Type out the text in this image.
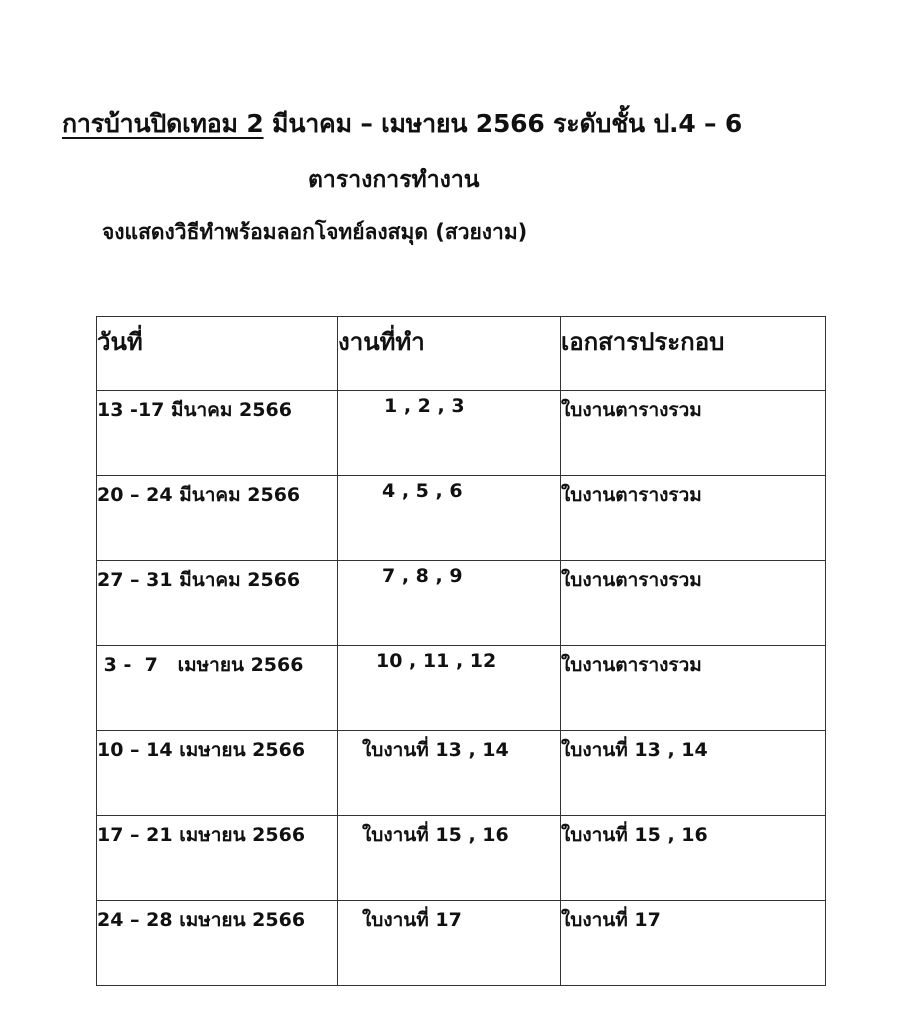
การบ้านปิดเทอม 2 มีนาคม – เมษายน 2566 ระดับชั้น ป.4 – 6
ตารางการทำงาน
จงแสดงวิธีทำพร้อมลอกโจทย์ลงสมุด (สวยงาม)
วันที่	งานที่ทำ	เอกสารประกอบ
13 -17 มีนาคม 2566	1 , 2 , 3	ใบงานตารางรวม
20 – 24 มีนาคม 2566	4 , 5 , 6	ใบงานตารางรวม
27 – 31 มีนาคม 2566	7 , 8 , 9	ใบงานตารางรวม
3 -  7   เมษายน 2566	10 , 11 , 12	ใบงานตารางรวม
10 – 14 เมษายน 2566	ใบงานที่ 13 , 14	ใบงานที่ 13 , 14
17 – 21 เมษายน 2566	ใบงานที่ 15 , 16	ใบงานที่ 15 , 16
24 – 28 เมษายน 2566	ใบงานที่ 17	ใบงานที่ 17
